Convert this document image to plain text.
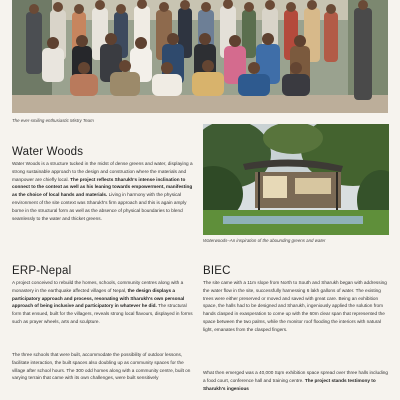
The ever-smiling enthusiastic Mistry Team
Waterwoods–An inspiration of the abounding greens and water
Water Woods

Water Woods is a structure tucked in the midst of dense greens and water, displaying a strong sustainable approach to the design and construction where the materials and manpower are chiefly local. The project reflects Sharukh's intense inclination to connect to the context as well as his leaning towards empowerment, manifesting as the choice of local hands and materials. Living in harmony with the physical environment of the site context was Sharukh's firm approach and this is again amply borne in the structural form as well as the absence of physical boundaries to blend seamlessly to the water and thicket greens.

ERP-Nepal

A project conceived to rebuild the homes, schools, community centres along with a monastery in the earthquake affected villages of Nepal, the design displays a participatory approach and process, resonating with Sharukh's own personal approach of being inclusive and participatory in whatever he did. The structural form that ensued, built for the villagers, reveals strong local flavours, displayed in forms such as prayer wheels, arts and sculpture.

The three schools that were built, accommodate the possibility of outdoor lessons, facilitate interaction, the built spaces also doubling up as community spaces for the village after school hours. The 300 odd homes along with a community centre, built on varying terrain that came with its own challenges, were built sensitively

BIEC

The site came with a 11m slope from North to South and Sharukh began with addressing the water flow in the site, successfully harnessing 6 lakh gallons of water. The existing trees were either preserved or moved and saved with great care. Being an exhibition space, the halls had to be designed and Sharukh, ingeniously applied the solution from hands clasped in exasperation to come up with the 60m clear span that represented the space between the two palms, while the monitor roof flooding the interiors with natural light, emanates from the clasped fingers.

What then emerged was a 40,000 Sqm exhibition space spread over three halls including a food court, conference hall and training centre. The project stands testimony to Sharukh's ingenious
